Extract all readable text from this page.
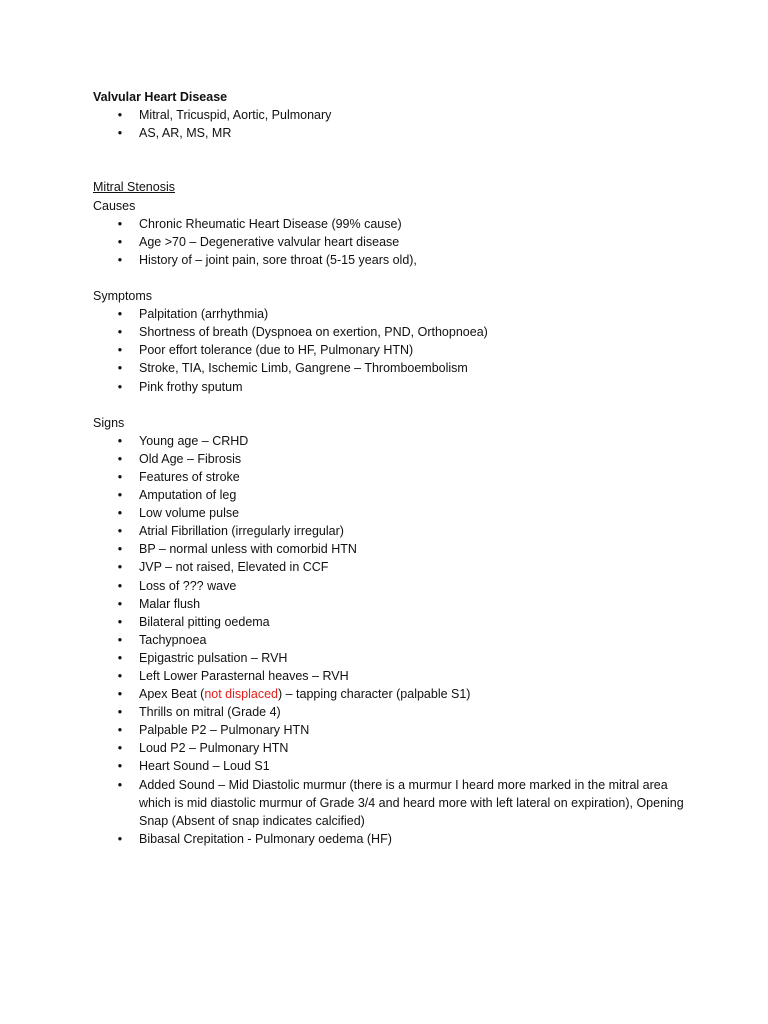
Valvular Heart Disease
• Mitral, Tricuspid, Aortic, Pulmonary
• AS, AR, MS, MR
Mitral Stenosis
Causes
• Chronic Rheumatic Heart Disease (99% cause)
• Age >70 – Degenerative valvular heart disease
• History of – joint pain, sore throat (5-15 years old),
Symptoms
• Palpitation (arrhythmia)
• Shortness of breath (Dyspnoea on exertion, PND, Orthopnoea)
• Poor effort tolerance (due to HF, Pulmonary HTN)
• Stroke, TIA, Ischemic Limb, Gangrene – Thromboembolism
• Pink frothy sputum
Signs
• Young age – CRHD
• Old Age – Fibrosis
• Features of stroke
• Amputation of leg
• Low volume pulse
• Atrial Fibrillation (irregularly irregular)
• BP – normal unless with comorbid HTN
• JVP – not raised, Elevated in CCF
• Loss of ??? wave
• Malar flush
• Bilateral pitting oedema
• Tachypnoea
• Epigastric pulsation – RVH
• Left Lower Parasternal heaves – RVH
• Apex Beat (not displaced) – tapping character (palpable S1)
• Thrills on mitral (Grade 4)
• Palpable P2 – Pulmonary HTN
• Loud P2 – Pulmonary HTN
• Heart Sound – Loud S1
• Added Sound – Mid Diastolic murmur (there is a murmur I heard more marked in the mitral area which is mid diastolic murmur of Grade 3/4 and heard more with left lateral on expiration), Opening Snap (Absent of snap indicates calcified)
• Bibasal Crepitation - Pulmonary oedema (HF)
